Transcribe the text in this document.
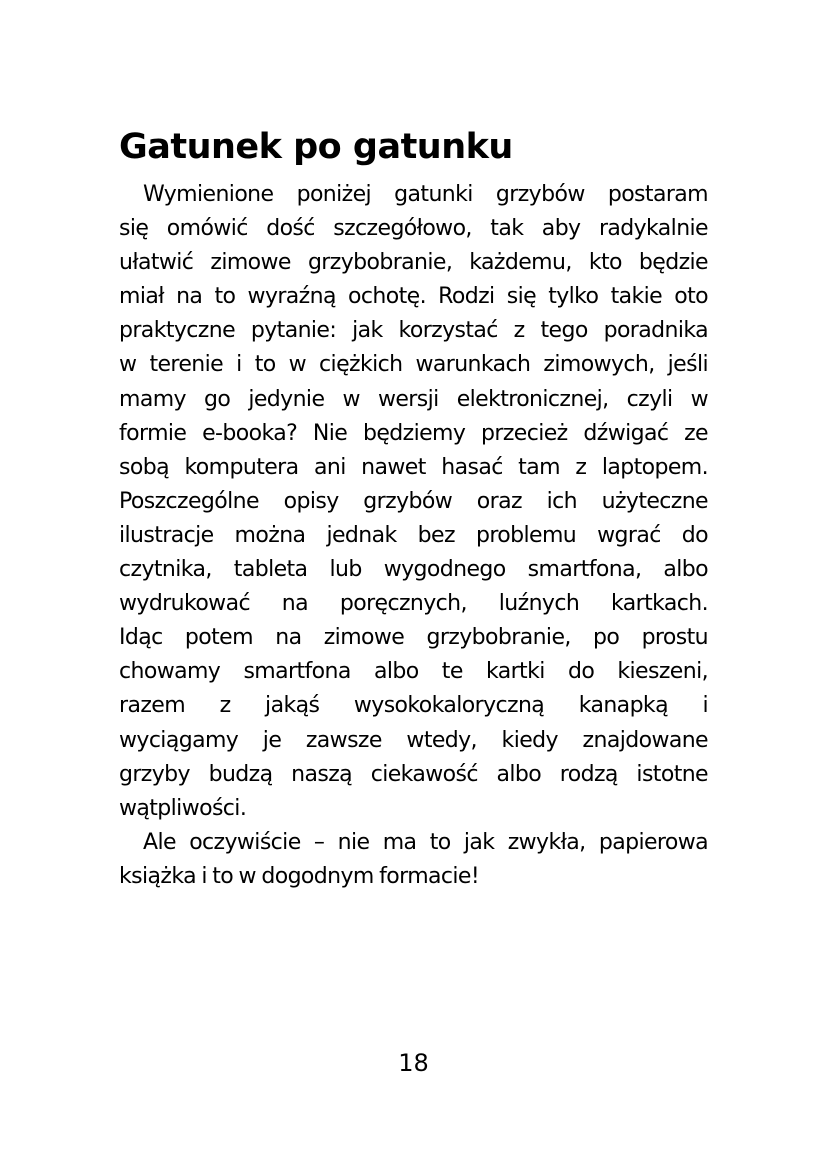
Gatunek po gatunku
Wymienione poniżej gatunki grzybów postaram
się omówić dość szczegółowo, tak aby radykalnie
ułatwić zimowe grzybobranie, każdemu, kto będzie
miał na to wyraźną ochotę. Rodzi się tylko takie oto
praktyczne pytanie: jak korzystać z tego poradnika
w terenie i to w ciężkich warunkach zimowych, jeśli
mamy go jedynie w wersji elektronicznej, czyli w
formie e-booka? Nie będziemy przecież dźwigać ze
sobą komputera ani nawet hasać tam z laptopem.
Poszczególne opisy grzybów oraz ich użyteczne
ilustracje można jednak bez problemu wgrać do
czytnika, tableta lub wygodnego smartfona, albo
wydrukować na poręcznych, luźnych kartkach.
Idąc potem na zimowe grzybobranie, po prostu
chowamy smartfona albo te kartki do kieszeni,
razem z jakąś wysokokaloryczną kanapką i
wyciągamy je zawsze wtedy, kiedy znajdowane
grzyby budzą naszą ciekawość albo rodzą istotne
wątpliwości.
Ale oczywiście – nie ma to jak zwykła, papierowa
książka i to w dogodnym formacie!
18
